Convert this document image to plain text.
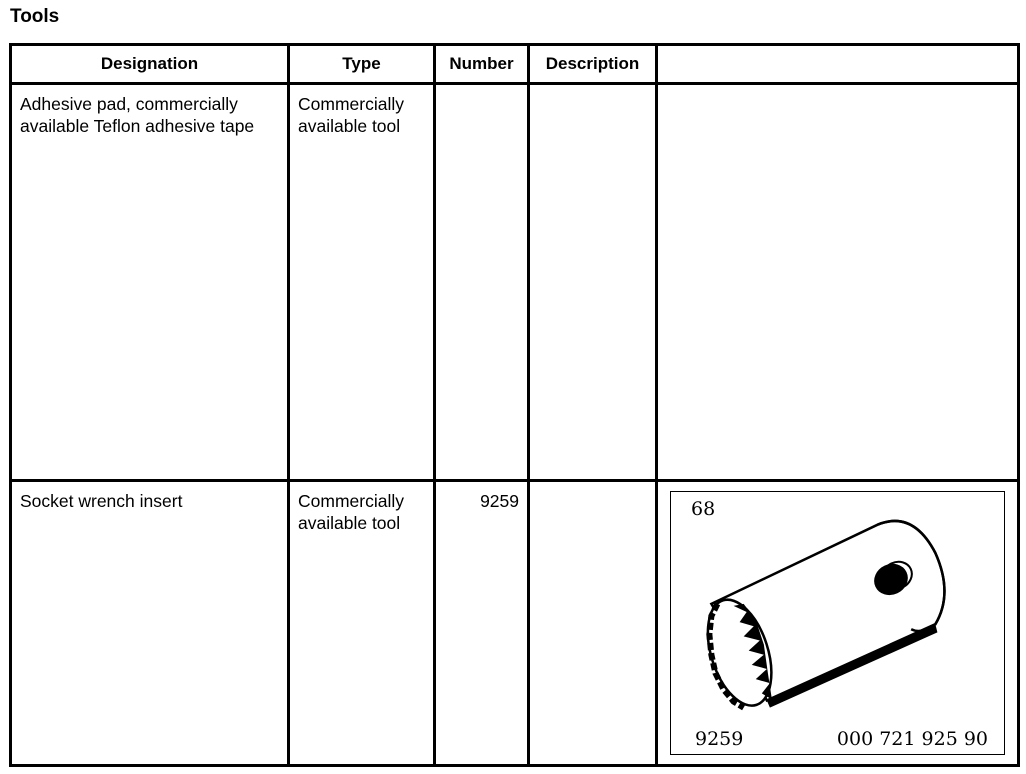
Tools
Designation	Type	Number	Description	

Adhesive pad, commercially available Teflon adhesive tape	Commercially available tool			

Socket wrench insert	Commercially available tool	9259		68
9259 000 721 925 90
